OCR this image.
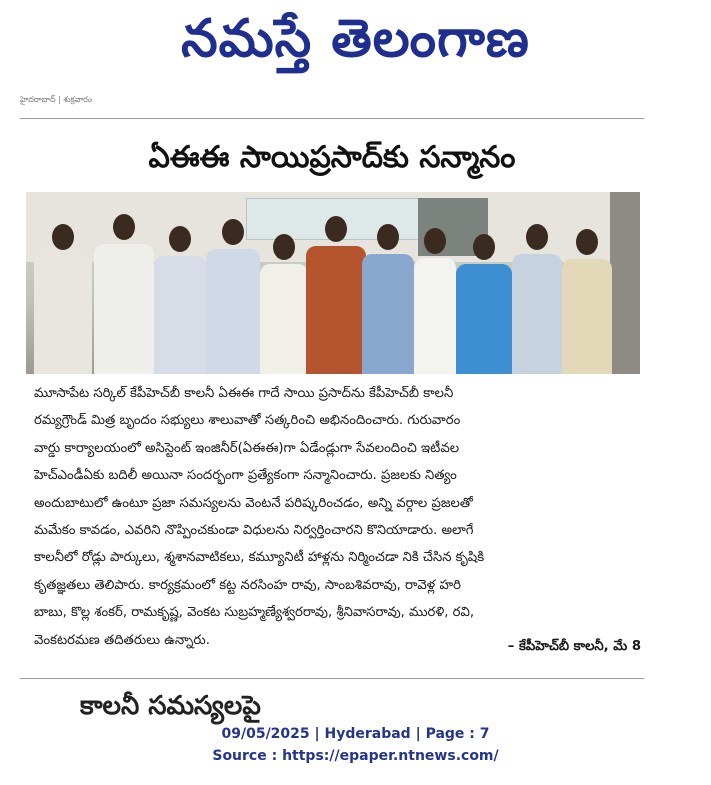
నమస్తే తెలంగాణ
హైదరాబాద్ | శుక్రవారం
ఏఈఈ సాయిప్రసాద్‌కు సన్మానం

మూసాపేట సర్కిల్ కేపీహెచ్‌బీ కాలనీ ఏఈఈ గాదే సాయి ప్రసాద్‌ను కేపీహెచ్‌బీ కాలనీ

రమ్యగ్రౌండ్ మిత్ర బృందం సభ్యులు శాలువాతో సత్కరించి అభినందించారు. గురువారం

వార్డు కార్యాలయంలో అసిస్టెంట్ ఇంజినీర్(ఏఈఈ)గా ఏడేండ్లుగా సేవలందించి ఇటీవల

హెచ్ఎండీఏకు బదిలీ అయినా సందర్భంగా ప్రత్యేకంగా సన్మానించారు. ప్రజలకు నిత్యం

అందుబాటులో ఉంటూ ప్రజా సమస్యలను వెంటనే పరిష్కరించడం, అన్ని వర్గాల ప్రజలతో

మమేకం కావడం, ఎవరిని నొప్పించకుండా విధులను నిర్వర్తించారని కొనియాడారు. అలాగే

కాలనీలో రోడ్లు పార్కులు, శ్మశానవాటికలు, కమ్యూనిటీ హాళ్లను నిర్మించడా నికి చేసిన కృషికి

కృతజ్ఞతలు తెలిపారు. కార్యక్రమంలో కట్ట నరసింహ రావు, సాంబశివరావు, రావెళ్ల హరి

బాబు, కొల్ల శంకర్, రామకృష్ణ, వెంకట సుబ్రహ్మణ్యేశ్వరరావు, శ్రీనివాసరావు, మురళి, రవి,

వెంకటరమణ తదితరులు ఉన్నారు.	– కేపీహెచ్‌బీ కాలనీ, మే 8
కాలనీ సమస్యలపై
09/05/2025 | Hyderabad | Page : 7
Source : https://epaper.ntnews.com/
